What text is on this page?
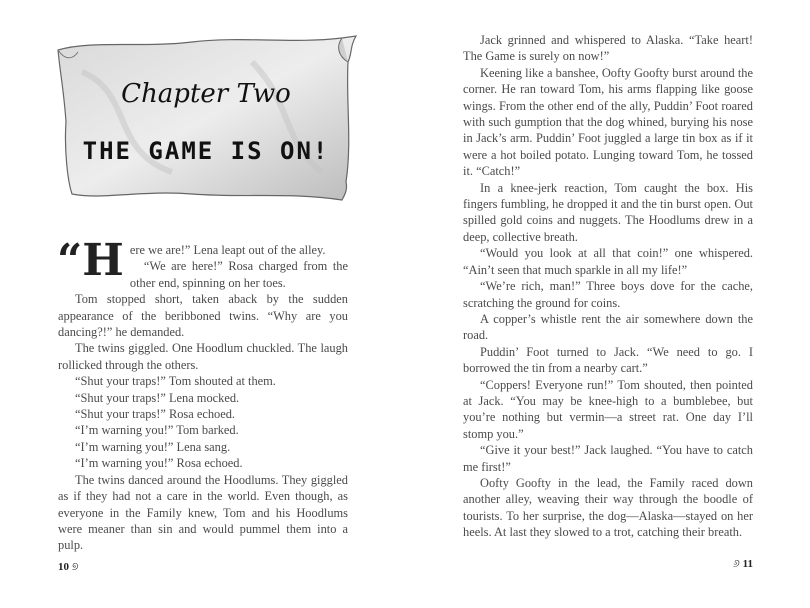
Chapter Two
THE GAME IS ON!

“Here we are!” Lena leapt out of the alley.

“We are here!” Rosa charged from the other end, spinning on her toes.

Tom stopped short, taken aback by the sudden appearance of the beribboned twins. “Why are you dancing?!” he demanded.

The twins giggled. One Hoodlum chuckled. The laugh rollicked through the others.

“Shut your traps!” Tom shouted at them.

“Shut your traps!” Lena mocked.

“Shut your traps!” Rosa echoed.

“I’m warning you!” Tom barked.

“I’m warning you!” Lena sang.

“I’m warning you!” Rosa echoed.

The twins danced around the Hoodlums. They giggled as if they had not a care in the world. Even though, as everyone in the Family knew, Tom and his Hoodlums were meaner than sin and would pummel them into a pulp.

10 ୭

Jack grinned and whispered to Alaska. “Take heart! The Game is surely on now!”

Keening like a banshee, Oofty Goofty burst around the corner. He ran toward Tom, his arms flapping like goose wings. From the other end of the ally, Puddin’ Foot roared with such gumption that the dog whined, burying his nose in Jack’s arm. Puddin’ Foot juggled a large tin box as if it were a hot boiled potato. Lunging toward Tom, he tossed it. “Catch!”

In a knee-jerk reaction, Tom caught the box. His fingers fumbling, he dropped it and the tin burst open. Out spilled gold coins and nuggets. The Hoodlums drew in a deep, collective breath.

“Would you look at all that coin!” one whispered. “Ain’t seen that much sparkle in all my life!”

“We’re rich, man!” Three boys dove for the cache, scratching the ground for coins.

A copper’s whistle rent the air somewhere down the road.

Puddin’ Foot turned to Jack. “We need to go. I borrowed the tin from a nearby cart.”

“Coppers! Everyone run!” Tom shouted, then pointed at Jack. “You may be knee-high to a bumblebee, but you’re nothing but vermin—a street rat. One day I’ll stomp you.”

“Give it your best!” Jack laughed. “You have to catch me first!”

Oofty Goofty in the lead, the Family raced down another alley, weaving their way through the boodle of tourists. To her surprise, the dog—Alaska—stayed on her heels. At last they slowed to a trot, catching their breath.

୬ 11
